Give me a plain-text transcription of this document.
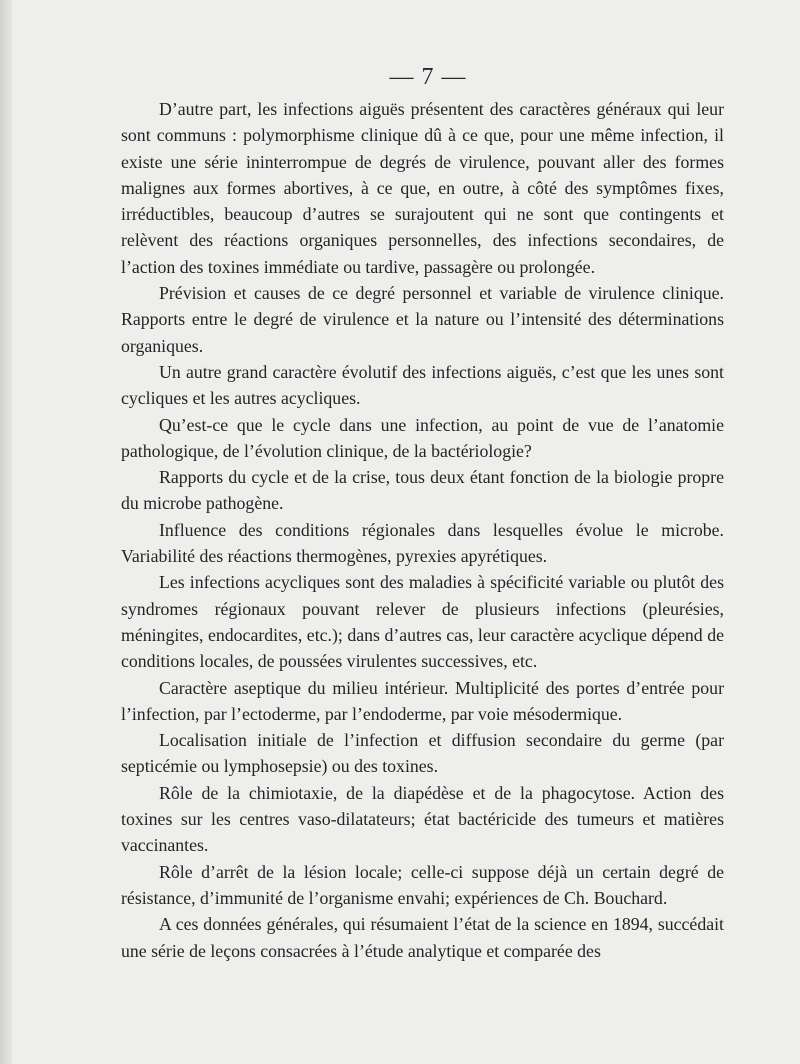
— 7 —

D’autre part, les infections aiguës présentent des caractères généraux qui leur sont communs : polymorphisme clinique dû à ce que, pour une même infection, il existe une série ininterrompue de degrés de virulence, pouvant aller des formes malignes aux formes abortives, à ce que, en outre, à côté des symptômes fixes, irréductibles, beaucoup d’autres se surajoutent qui ne sont que contingents et relèvent des réactions organiques personnelles, des infections secondaires, de l’action des toxines immédiate ou tardive, passagère ou prolongée.

Prévision et causes de ce degré personnel et variable de virulence clinique. Rapports entre le degré de virulence et la nature ou l’intensité des déterminations organiques.

Un autre grand caractère évolutif des infections aiguës, c’est que les unes sont cycliques et les autres acycliques.

Qu’est-ce que le cycle dans une infection, au point de vue de l’anatomie pathologique, de l’évolution clinique, de la bactériologie?

Rapports du cycle et de la crise, tous deux étant fonction de la biologie propre du microbe pathogène.

Influence des conditions régionales dans lesquelles évolue le microbe. Variabilité des réactions thermogènes, pyrexies apyrétiques.

Les infections acycliques sont des maladies à spécificité variable ou plutôt des syndromes régionaux pouvant relever de plusieurs infections (pleurésies, méningites, endocardites, etc.); dans d’autres cas, leur caractère acyclique dépend de conditions locales, de poussées virulentes successives, etc.

Caractère aseptique du milieu intérieur. Multiplicité des portes d’entrée pour l’infection, par l’ectoderme, par l’endoderme, par voie mésodermique.

Localisation initiale de l’infection et diffusion secondaire du germe (par septicémie ou lymphosepsie) ou des toxines.

Rôle de la chimiotaxie, de la diapédèse et de la phagocytose. Action des toxines sur les centres vaso-dilatateurs; état bactéricide des tumeurs et matières vaccinantes.

Rôle d’arrêt de la lésion locale; celle-ci suppose déjà un certain degré de résistance, d’immunité de l’organisme envahi; expériences de Ch. Bouchard.

A ces données générales, qui résumaient l’état de la science en 1894, succédait une série de leçons consacrées à l’étude analytique et comparée des
